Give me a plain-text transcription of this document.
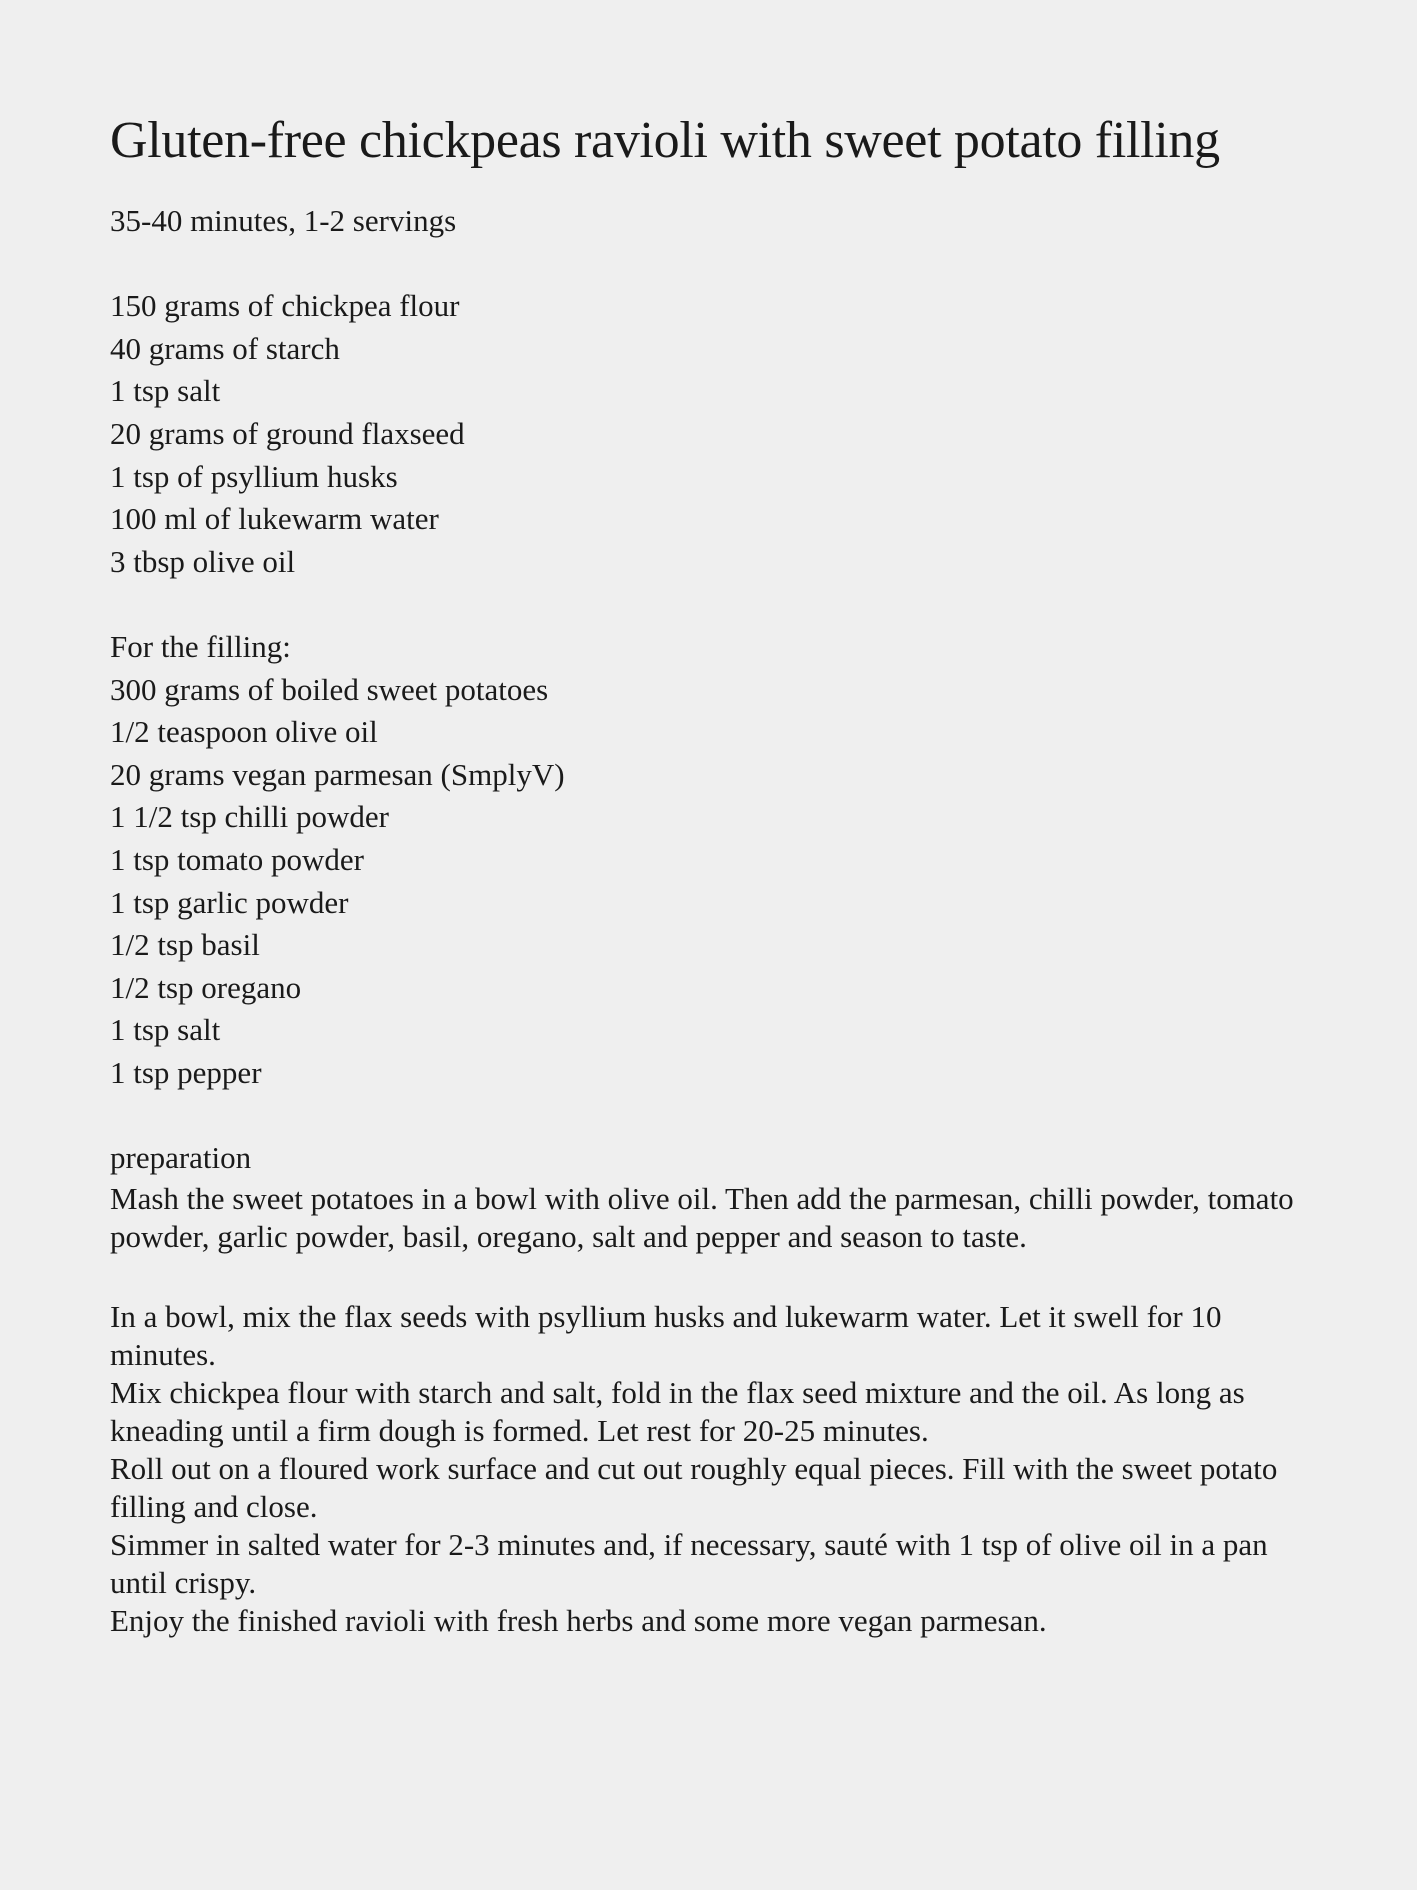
Gluten-free chickpeas ravioli with sweet potato filling
35-40 minutes, 1-2 servings
150 grams of chickpea flour
40 grams of starch
1 tsp salt
20 grams of ground flaxseed
1 tsp of psyllium husks
100 ml of lukewarm water
3 tbsp olive oil
For the filling:
300 grams of boiled sweet potatoes
1/2 teaspoon olive oil
20 grams vegan parmesan (SmplyV)
1 1/2 tsp chilli powder
1 tsp tomato powder
1 tsp garlic powder
1/2 tsp basil
1/2 tsp oregano
1 tsp salt
1 tsp pepper
preparation
Mash the sweet potatoes in a bowl with olive oil. Then add the parmesan, chilli powder, tomato powder, garlic powder, basil, oregano, salt and pepper and season to taste.
In a bowl, mix the flax seeds with psyllium husks and lukewarm water. Let it swell for 10 minutes.
Mix chickpea flour with starch and salt, fold in the flax seed mixture and the oil. As long as kneading until a firm dough is formed. Let rest for 20-25 minutes.
Roll out on a floured work surface and cut out roughly equal pieces. Fill with the sweet potato filling and close.
Simmer in salted water for 2-3 minutes and, if necessary, sauté with 1 tsp of olive oil in a pan until crispy.
Enjoy the finished ravioli with fresh herbs and some more vegan parmesan.
